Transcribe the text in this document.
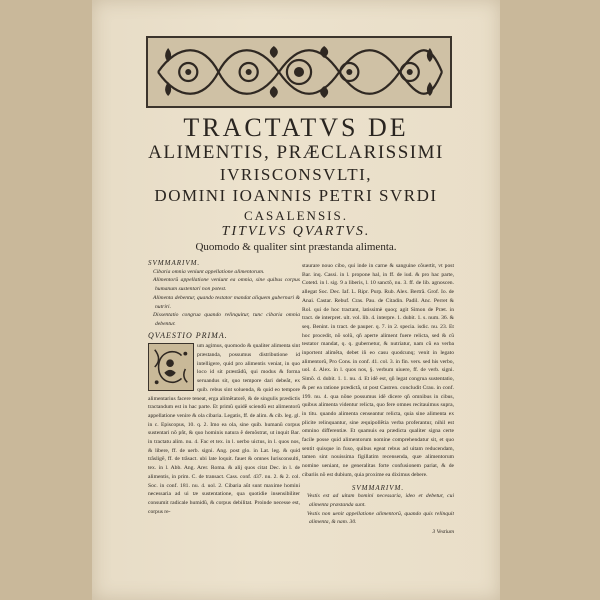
TRACTATVS DE
ALIMENTIS, PRÆCLARISSIMI
IVRISCONSVLTI,
DOMINI IOANNIS PETRI SVRDI
CASALENSIS.
TITVLVS QVARTVS.
Quomodo & qualiter sint præstanda alimenta.
SVMMARIVM.
Cibaria omnia veniunt appellatione alimentorum.
Alimentorũ appellatione veniunt ea omnia, sine quibus corpus humanum sustentari non potest.
Alimenta debentur, quando testator mandat aliquem gubernari & nutriri.
Dissentatio congrua quando relinquitur, tunc cibaria omnia debentur.
QVAESTIO PRIMA.
um agimus, quomodo & qualiter alimenta sint præstanda, possumus distributione id intelligere, quid pro alimentis veniat, in quo loco id sit præstãdũ, qui modus & forma seruandus sit, quo tempore dari debeãt, ex quib. rebus sint soluenda, & quid eo tempore alimentarius facere teneat, erga alimẽtatorẽ, & de singulis prædictis tractandum est in hac parte. Et primũ quidẽ sciendũ est alimentorũ appellatione venire & ola cibaria. Legatis, ff. de alim. & cib. leg. gl. in c. Episcopus, 10. q. 2. Imo ea ola, sine quib. humanũ corpus sustentari nõ pñt, & quo hominis natura ẽ demõstrat, ut inquit Bar. in tractatu alim. nu. 4. Fac et tex. in l. uerbo uictus, in l. quos nos, & libere, ff. de uerb. signi. Ang. post glo. in Lat. leg. & quid trãsligẽ, ff. de trãsact. ubi late loquit. fauet & omnes Iurisconsulti, tex. in l. Abb. Ang. Arer. Roma. & alij quos citat Dec. in l. de alimentis, in prim. C. de transact. Cass. conf. 437. nu. 2. & 2. col. Soc. in conf. 181. nu. 4. uol. 2. Cibaria aũt sunt maxime homini necessaria ad ui tæ sustentatione, qua quotidie insensibiliter consumit radicale humidũ, & corpus debilitat. Proinde necesse est, corpus re-
staurare nouo cibo, qui inde in carne & sanguine cõuertit, vt post Bar. inq. Cassi. in l. propone hal, in ff. de iud. & pro hac parte, Cotetd. in l. sig. 9 a liberis, l. 10 sanctõ, nu. 3. ff. de lib. agnoscen. allegat Soc. Dec. Iaf. L. Ripr. Purp. Rub. Alex. Bertrã. Grof. Io. de Anai. Castar. Rebuf. Cras. Pau. de Citadin. Padil. Anc. Perret & Rol. qui de hoc tractant, latissimè quoq; agit Simon de Præt. in tract. de interpret. ult. vol. lib. 4. interpre. 1. dubit. 1. s. num. 36. & seq. Benint. in tract. de pauper. q. 7. in 2. specia. isdic. nu. 23. Et hoc procedit, nõ solũ, qñ aperte aliment fuere relicta, sed & cũ testator mandat, q. q. gubernetur, & nutriatur, nam cũ ea verba inportent alimẽta, debet iñ eo casu quodcunq; venit in legato alimentorũ, Pro Cons. in conf. 41. col. 3. in fin. vers. sed his verbo, uol. 4. Alex. in l. quos nos, §. verbum uiuere, ff. de verb. signi. Simõ. d. dubit. 1. 1. nu. 4. Et idẽ est, qñ legat congrua sustentatio, & per ea ratione prædictã, ut post Castren. concludit Crau. in conf. 199. nu. 4. qua nõne possumus idẽ dicere qñ omnibus in cibus, quibus alimenta videntur relicta, quo fere omnes recitauimus supra, in titu. quando alimenta censeantur relicta, quia sine alimenta ex plicite relinquantur, sine æquipollẽtia verba proferantur, nihil est omnino differentiæ. Et quamuis ea prædicta qualiter signa certe facile posse quid alimentorum nomine comprehendatur sit, et quo sentit quisque in fuso, quibus egeat rebus ad uitam reducendam, tamen sint nouissima figillatim recensenda, quæ alimentorum nomine ueniant, ne generalitas forte confusionem pariat, & de cibariis nõ est dubium, quia proxime ea diximus debere.
SVMMARIVM.
Vestis est ad uitam homini necessaria, ideo et debetur, cui alimenta præstanda sunt.
Vestis non uenit appellatione alimentorũ, quando quis relinquit alimenta, & nam. 30.
3 Vestium
